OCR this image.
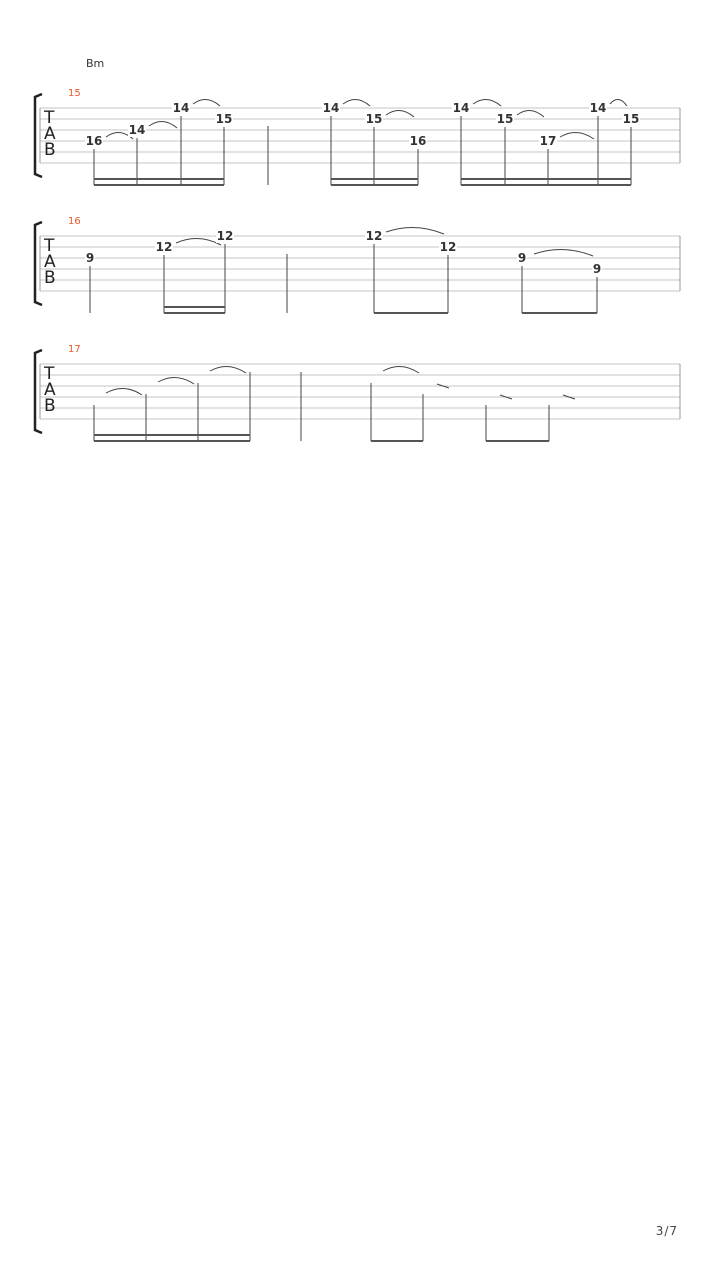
Bm
T
A
B
15
16
14
14
15
14
15
16
14
15
17
14
15
T
A
B
16
9
12
12	12
12
9
9
T
A
B
17
3/7
